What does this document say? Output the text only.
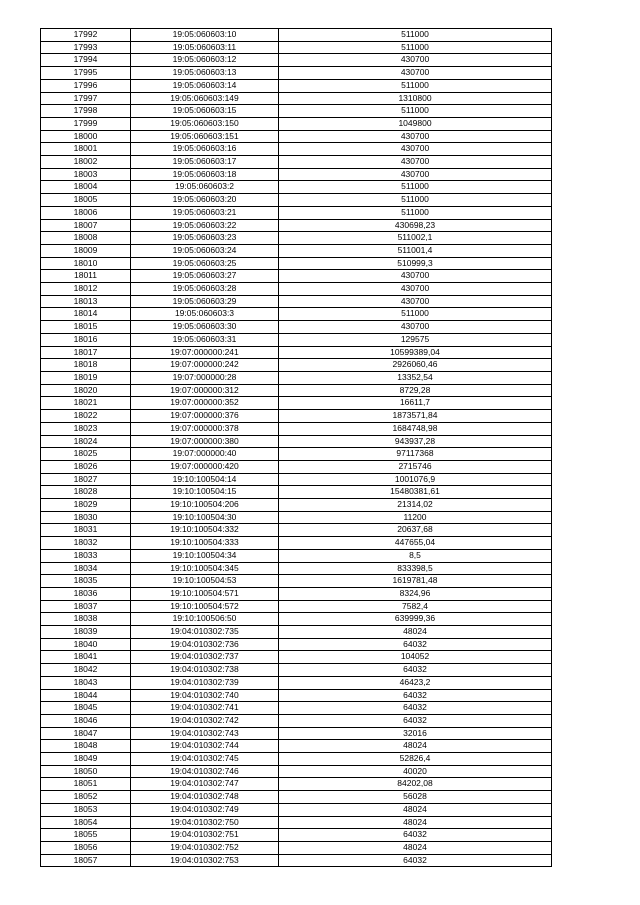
17992	19:05:060603:10	511000
17993	19:05:060603:11	511000
17994	19:05:060603:12	430700
17995	19:05:060603:13	430700
17996	19:05:060603:14	511000
17997	19:05:060603:149	1310800
17998	19:05:060603:15	511000
17999	19:05:060603:150	1049800
18000	19:05:060603:151	430700
18001	19:05:060603:16	430700
18002	19:05:060603:17	430700
18003	19:05:060603:18	430700
18004	19:05:060603:2	511000
18005	19:05:060603:20	511000
18006	19:05:060603:21	511000
18007	19:05:060603:22	430698,23
18008	19:05:060603:23	511002,1
18009	19:05:060603:24	511001,4
18010	19:05:060603:25	510999,3
18011	19:05:060603:27	430700
18012	19:05:060603:28	430700
18013	19:05:060603:29	430700
18014	19:05:060603:3	511000
18015	19:05:060603:30	430700
18016	19:05:060603:31	129575
18017	19:07:000000:241	10599389,04
18018	19:07:000000:242	2926060,46
18019	19:07:000000:28	13352,54
18020	19:07:000000:312	8729,28
18021	19:07:000000:352	16611,7
18022	19:07:000000:376	1873571,84
18023	19:07:000000:378	1684748,98
18024	19:07:000000:380	943937,28
18025	19:07:000000:40	97117368
18026	19:07:000000:420	2715746
18027	19:10:100504:14	1001076,9
18028	19:10:100504:15	15480381,61
18029	19:10:100504:206	21314,02
18030	19:10:100504:30	11200
18031	19:10:100504:332	20637,68
18032	19:10:100504:333	447655,04
18033	19:10:100504:34	8,5
18034	19:10:100504:345	833398,5
18035	19:10:100504:53	1619781,48
18036	19:10:100504:571	8324,96
18037	19:10:100504:572	7582,4
18038	19:10:100506:50	639999,36
18039	19:04:010302:735	48024
18040	19:04:010302:736	64032
18041	19:04:010302:737	104052
18042	19:04:010302:738	64032
18043	19:04:010302:739	46423,2
18044	19:04:010302:740	64032
18045	19:04:010302:741	64032
18046	19:04:010302:742	64032
18047	19:04:010302:743	32016
18048	19:04:010302:744	48024
18049	19:04:010302:745	52826,4
18050	19:04:010302:746	40020
18051	19:04:010302:747	84202,08
18052	19:04:010302:748	56028
18053	19:04:010302:749	48024
18054	19:04:010302:750	48024
18055	19:04:010302:751	64032
18056	19:04:010302:752	48024
18057	19:04:010302:753	64032
